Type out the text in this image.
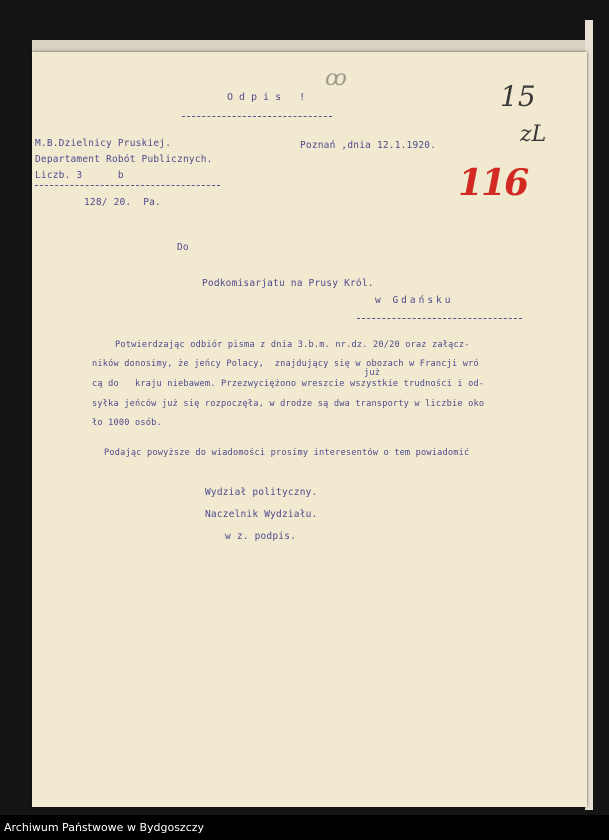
Odpis !
ꝏ
15
zL
116
M.B.Dzielnicy Pruskiej.
Departament Robót Publicznych.
Liczb. 3      b
128/ 20.  Pa.
Poznań ,dnia 12.1.1920.
Do
Podkomisarjatu na Prusy Król.
w Gdańsku
Potwierdzając odbiór pisma z dnia 3.b.m. nr.dz. 20/20 oraz załącz-
ników donosimy, że jeńcy Polacy,  znajdujący się w obozach w Francji wró
już
cą do   kraju niebawem. Przezwyciężono wreszcie wszystkie trudności i od-
syłka jeńców już się rozpoczęła, w drodze są dwa transporty w liczbie oko
ło 1000 osób.
Podając powyższe do wiadomości prosimy interesentów o tem powiadomić
Wydział polityczny.
Naczelnik Wydziału.
w z. podpis.
Archiwum Państwowe w Bydgoszczy
